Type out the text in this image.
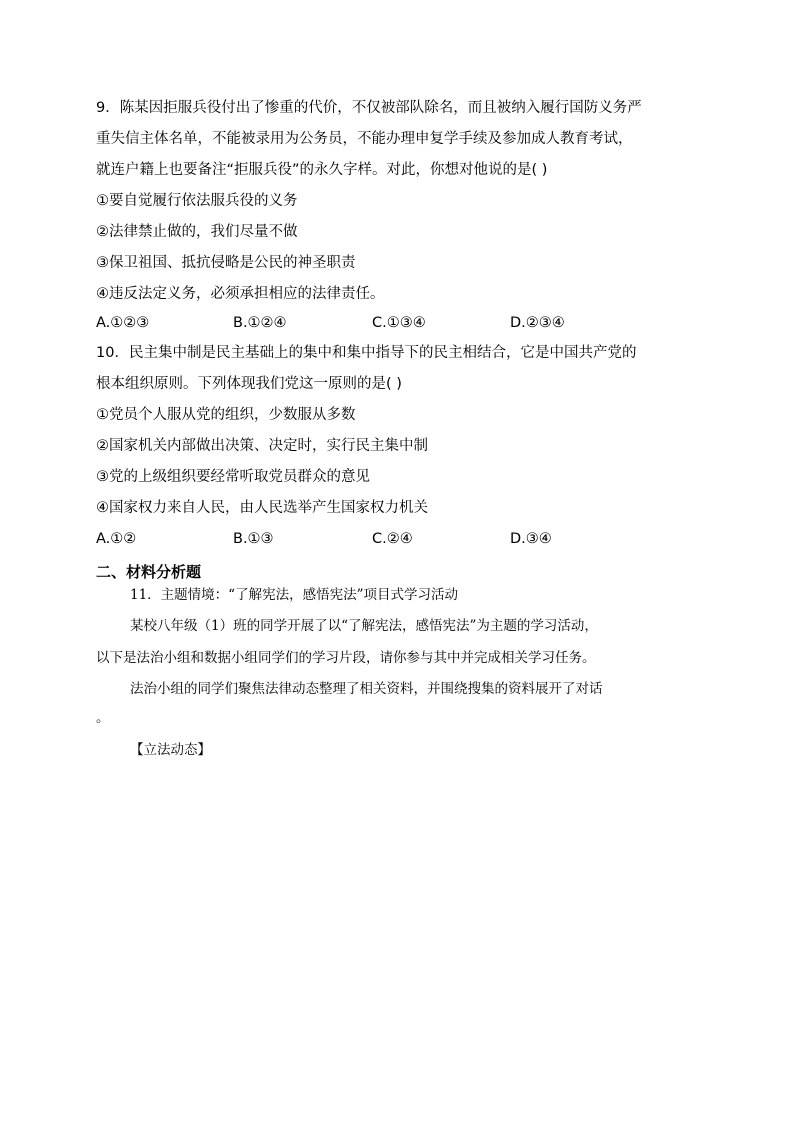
9．陈某因拒服兵役付出了惨重的代价，不仅被部队除名，而且被纳入履行国防义务严
重失信主体名单，不能被录用为公务员，不能办理申复学手续及参加成人教育考试，
就连户籍上也要备注“拒服兵役”的永久字样。对此，你想对他说的是( )
①要自觉履行依法服兵役的义务
②法律禁止做的，我们尽量不做
③保卫祖国、抵抗侵略是公民的神圣职责
④违反法定义务，必须承担相应的法律责任。
A.①②③	B.①②④	C.①③④	D.②③④
10．民主集中制是民主基础上的集中和集中指导下的民主相结合，它是中国共产党的
根本组织原则。下列体现我们党这一原则的是( )
①党员个人服从党的组织，少数服从多数
②国家机关内部做出决策、决定时，实行民主集中制
③党的上级组织要经常听取党员群众的意见
④国家权力来自人民，由人民选举产生国家权力机关
A.①②	B.①③	C.②④	D.③④
二、材料分析题
11．主题情境：“了解宪法，感悟宪法”项目式学习活动
某校八年级（1）班的同学开展了以“了解宪法，感悟宪法”为主题的学习活动，
以下是法治小组和数据小组同学们的学习片段，请你参与其中并完成相关学习任务。
法治小组的同学们聚焦法律动态整理了相关资料，并围绕搜集的资料展开了对话
。
【立法动态】
